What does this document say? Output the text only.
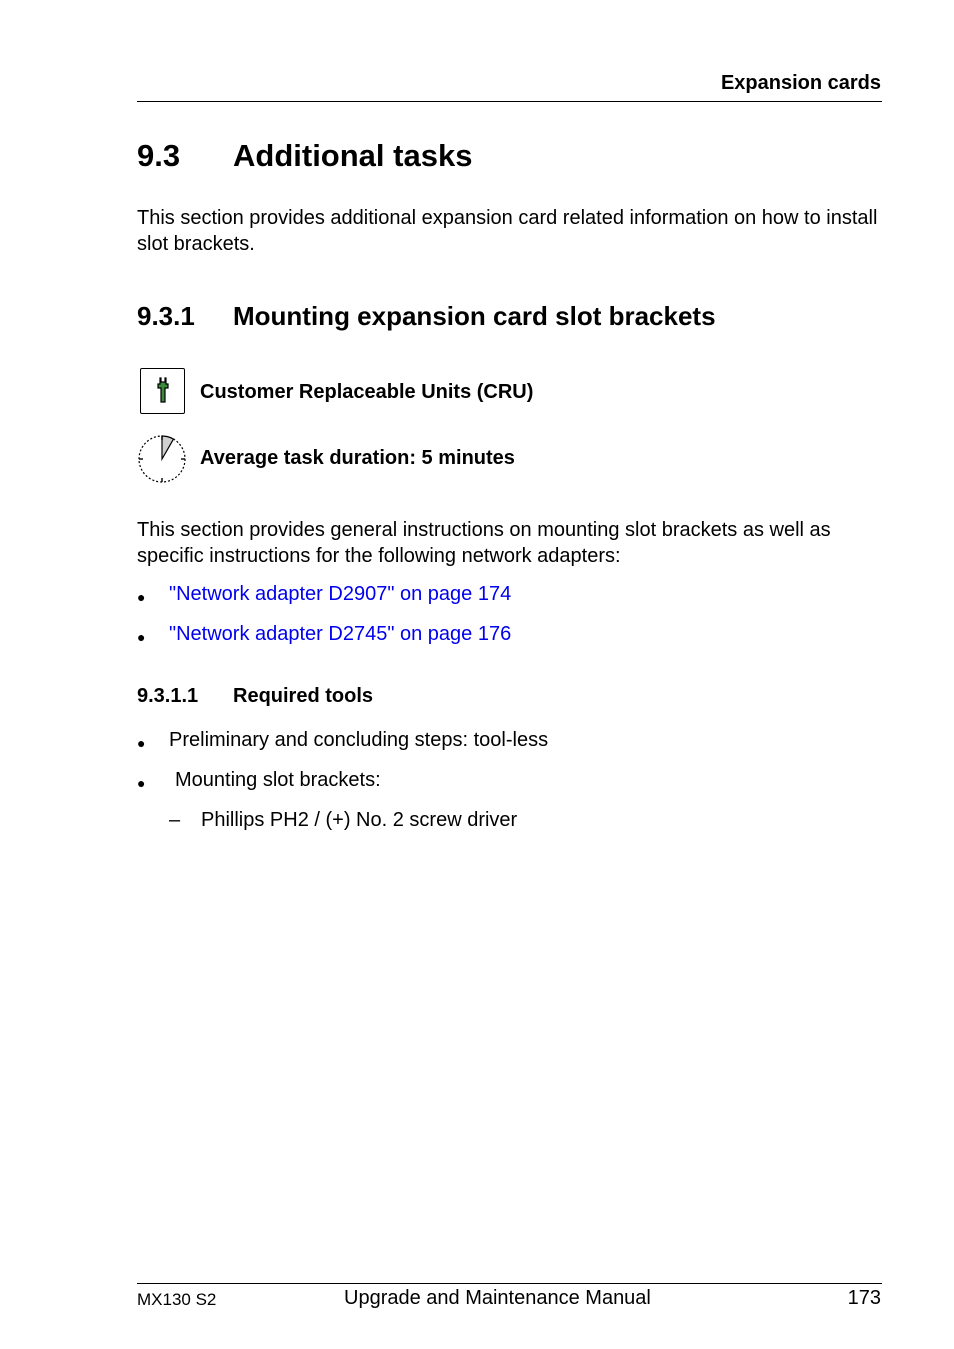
Expansion cards
9.3 Additional tasks
This section provides additional expansion card related information on how to install slot brackets.
9.3.1 Mounting expansion card slot brackets
Customer Replaceable Units (CRU)
Average task duration: 5 minutes
This section provides general instructions on mounting slot brackets as well as specific instructions for the following network adapters:
● "Network adapter D2907" on page 174
● "Network adapter D2745" on page 176
9.3.1.1 Required tools
● Preliminary and concluding steps: tool-less
● Mounting slot brackets:
– Phillips PH2 / (+) No. 2 screw driver
MX130 S2	Upgrade and Maintenance Manual	173
